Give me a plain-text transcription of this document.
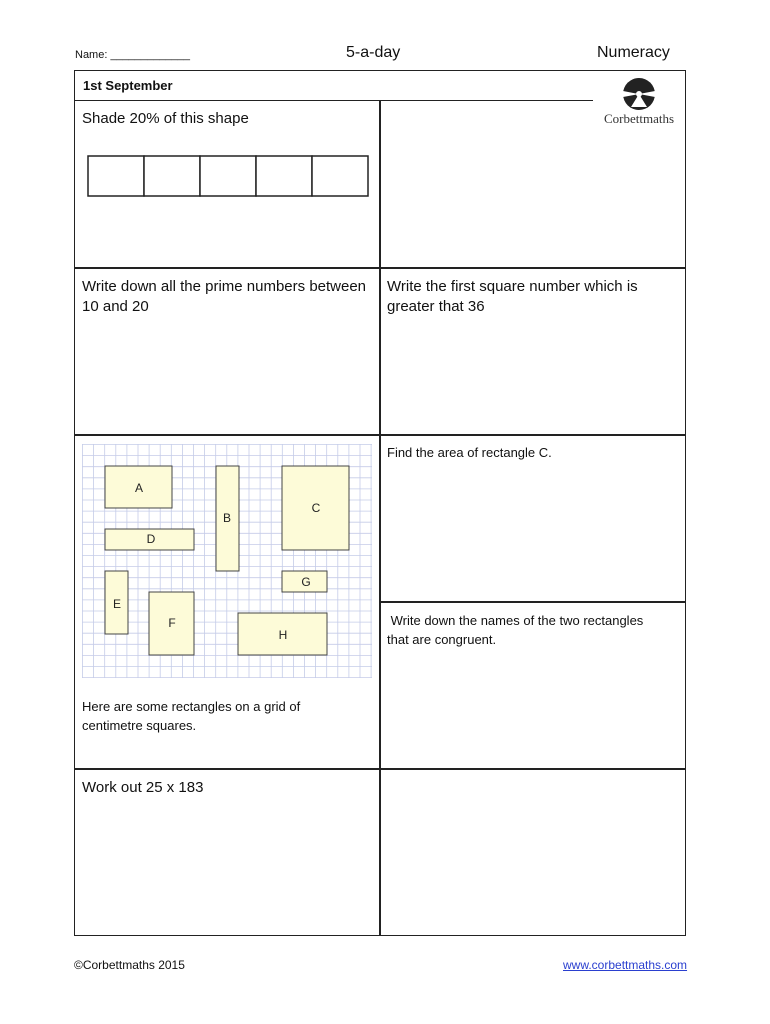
Name: _____________	5-a-day	Numeracy
1st September
Corbettmaths
Shade 20% of this shape
Write down all the prime numbers between 10 and 20
Write the first square number which is greater that 36
A
B
C
D
E
F
G
H
Here are some rectangles on a grid of centimetre squares.
Find the area of rectangle C.
Write down the names of the two rectangles that are congruent.
Work out 25 x 183
©Corbettmaths 2015	www.corbettmaths.com
